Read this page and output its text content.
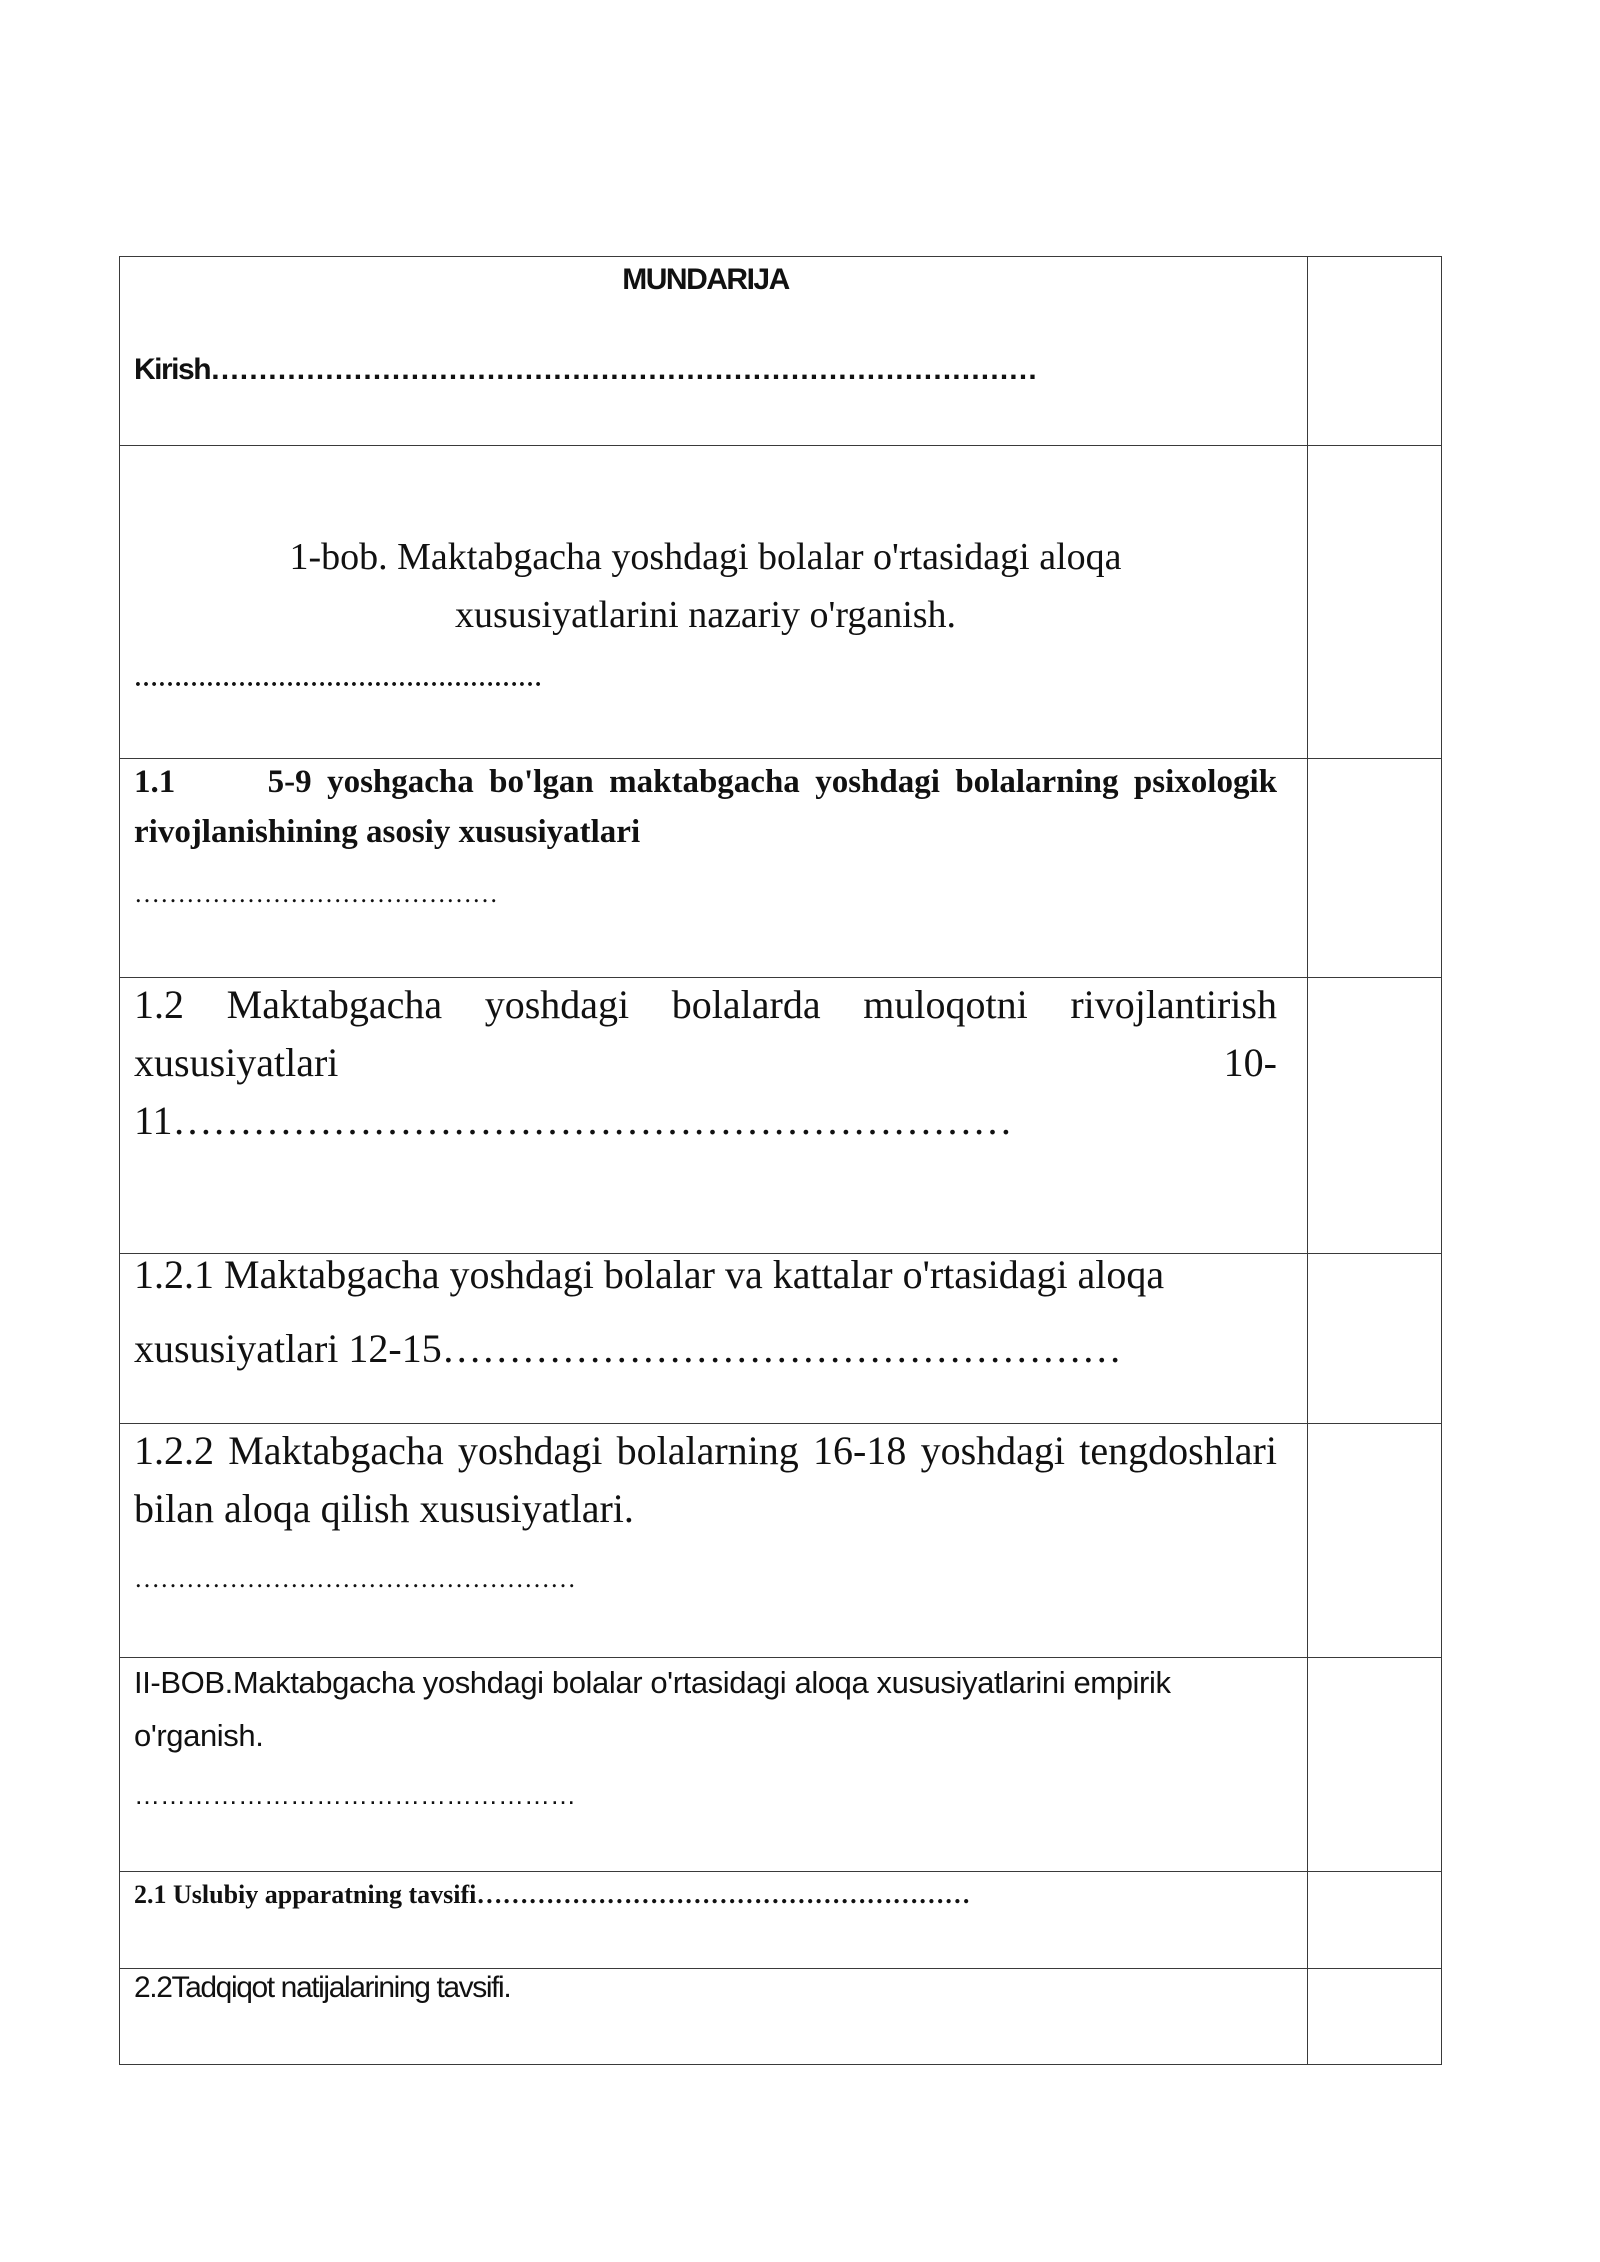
MUNDARIJA
Kirish……………………………………………………………………………	

1-bob. Maktabgacha yoshdagi bolalar o'rtasidagi aloqa
xususiyatlarini nazariy o'rganish.
……………………………………………	

1.1      5-9 yoshgacha bo'lgan maktabgacha yoshdagi bolalarning psixologik rivojlanishining asosiy xususiyatlari
……………………………………	

1.2 Maktabgacha yoshdagi bolalarda muloqotni rivojlantirish xususiyatlari 10-11………………………………………………………	

1.2.1 Maktabgacha yoshdagi bolalar va kattalar o'rtasidagi aloqa
xususiyatlari 12-15……………………………………………	

1.2.2 Maktabgacha yoshdagi bolalarning 16-18 yoshdagi tengdoshlari bilan aloqa qilish xususiyatlari.
……………………………………………	

II-BOB.Maktabgacha yoshdagi bolalar o'rtasidagi aloqa xususiyatlarini empirik o'rganish.
……………………………………………	

2.1 Uslubiy apparatning tavsifi…………………………………………………	

2.2Tadqiqot natijalarining tavsifi.	
